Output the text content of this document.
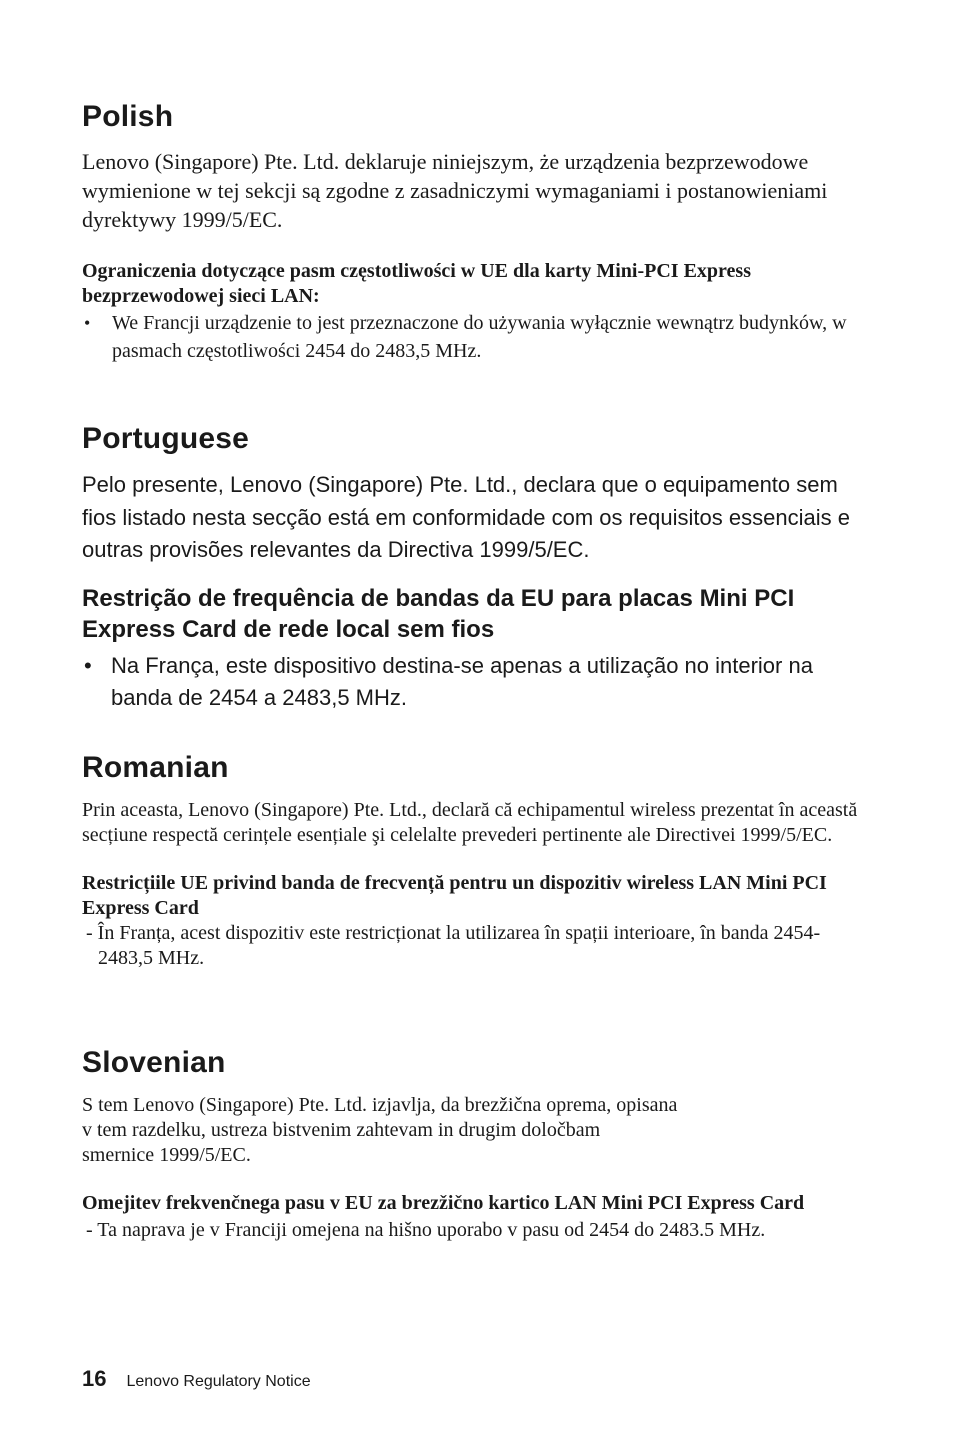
Polish

Lenovo (Singapore) Pte. Ltd. deklaruje niniejszym, że urządzenia bezprzewodowe wymienione w tej sekcji są zgodne z zasadniczymi wymaganiami i postanowieniami dyrektywy 1999/5/EC.

Ograniczenia dotyczące pasm częstotliwości w UE dla karty Mini-PCI Express bezprzewodowej sieci LAN:

•	We Francji urządzenie to jest przeznaczone do używania wyłącznie wewnątrz budynków, w pasmach częstotliwości 2454 do 2483,5 MHz.
Portuguese

Pelo presente, Lenovo (Singapore) Pte. Ltd., declara que o equipamento sem fios listado nesta secção está em conformidade com os requisitos essenciais e outras provisões relevantes da Directiva 1999/5/EC.

Restrição de frequência de bandas da EU para placas Mini PCI Express Card de rede local sem fios

• Na França, este dispositivo destina-se apenas a utilização no interior na banda de 2454 a 2483,5 MHz.
Romanian

Prin aceasta, Lenovo (Singapore) Pte. Ltd., declară că echipamentul wireless prezentat în această secțiune respectă cerințele esențiale şi celelalte prevederi pertinente ale Directivei 1999/5/EC.

Restricțiile UE privind banda de frecvență pentru un dispozitiv wireless LAN Mini PCI Express Card

- În Franța, acest dispozitiv este restricționat la utilizarea în spații interioare, în banda 2454-2483,5 MHz.

Slovenian

S tem Lenovo (Singapore) Pte. Ltd. izjavlja, da brezžična oprema, opisana
v tem razdelku, ustreza bistvenim zahtevam in drugim določbam
smernice 1999/5/EC.

Omejitev frekvenčnega pasu v EU za brezžično kartico LAN Mini PCI Express Card

- Ta naprava je v Franciji omejena na hišno uporabo v pasu od 2454 do 2483.5 MHz.

16 Lenovo Regulatory Notice
